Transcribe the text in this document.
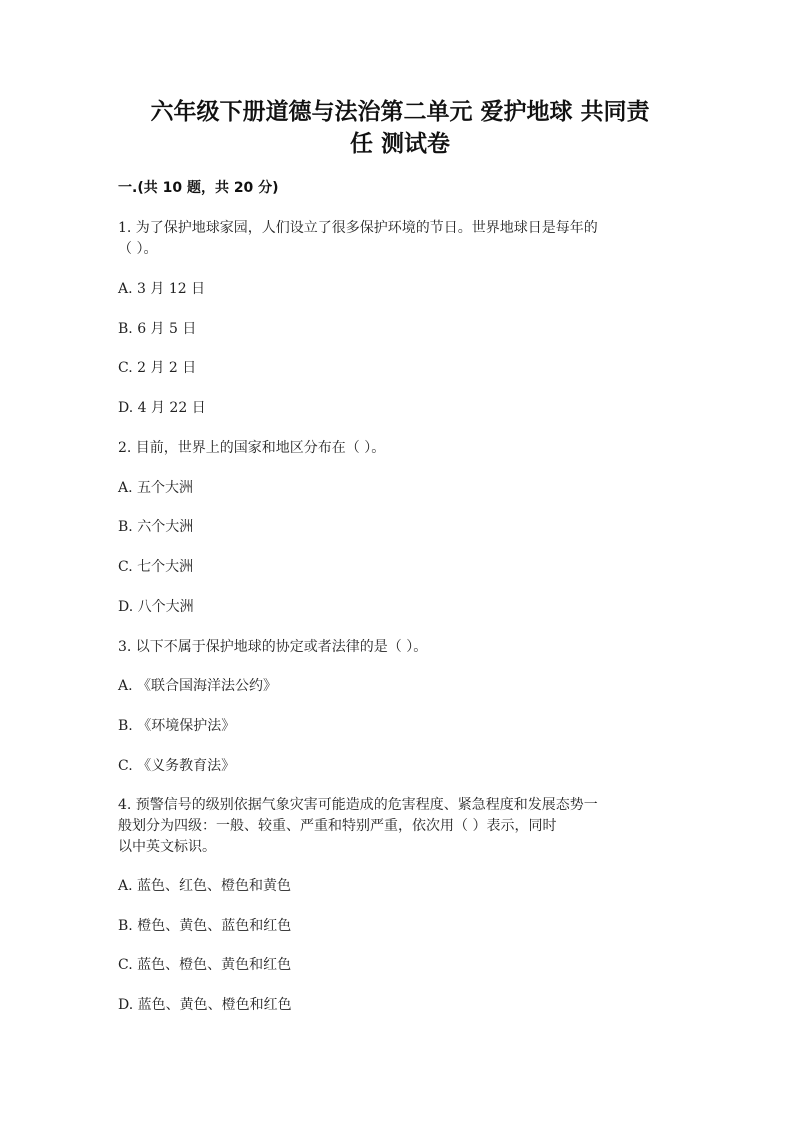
六年级下册道德与法治第二单元 爱护地球 共同责
任 测试卷
一.(共 10 题，共 20 分)
1. 为了保护地球家园，人们设立了很多保护环境的节日。世界地球日是每年的
（ ）。
A. 3 月 12 日
B. 6 月 5 日
C. 2 月 2 日
D. 4 月 22 日
2. 目前，世界上的国家和地区分布在（ ）。
A. 五个大洲
B. 六个大洲
C. 七个大洲
D. 八个大洲
3. 以下不属于保护地球的协定或者法律的是（ ）。
A. 《联合国海洋法公约》
B. 《环境保护法》
C. 《义务教育法》
4. 预警信号的级别依据气象灾害可能造成的危害程度、紧急程度和发展态势一
般划分为四级：一般、较重、严重和特别严重，依次用（ ）表示，同时
以中英文标识。
A. 蓝色、红色、橙色和黄色
B. 橙色、黄色、蓝色和红色
C. 蓝色、橙色、黄色和红色
D. 蓝色、黄色、橙色和红色
